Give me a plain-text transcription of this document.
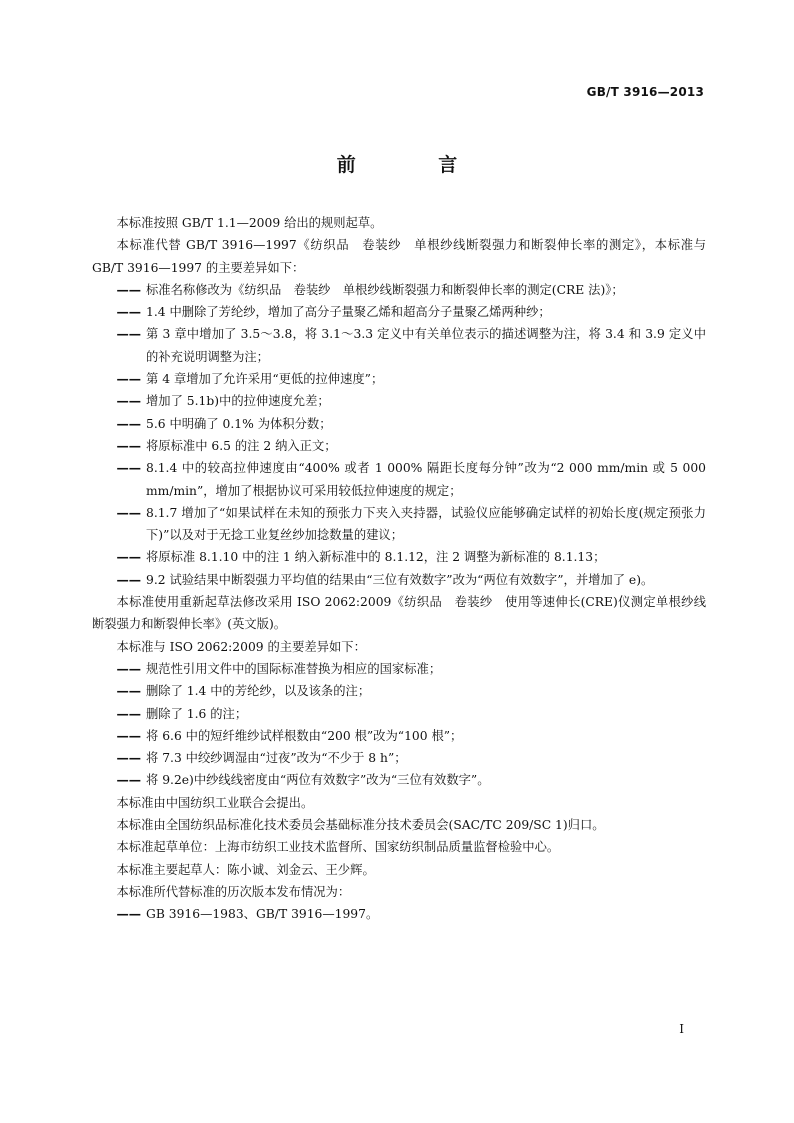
GB/T 3916—2013
前 言

本标准按照 GB/T 1.1—2009 给出的规则起草。

本标准代替 GB/T 3916—1997《纺织品　卷装纱　单根纱线断裂强力和断裂伸长率的测定》，本标准与 GB/T 3916—1997 的主要差异如下：

—— 标准名称修改为《纺织品　卷装纱　单根纱线断裂强力和断裂伸长率的测定(CRE 法)》；

—— 1.4 中删除了芳纶纱，增加了高分子量聚乙烯和超高分子量聚乙烯两种纱；

—— 第 3 章中增加了 3.5～3.8，将 3.1～3.3 定义中有关单位表示的描述调整为注，将 3.4 和 3.9 定义中的补充说明调整为注；

—— 第 4 章增加了允许采用“更低的拉伸速度”；

—— 增加了 5.1b)中的拉伸速度允差；

—— 5.6 中明确了 0.1% 为体积分数；

—— 将原标准中 6.5 的注 2 纳入正文；

—— 8.1.4 中的较高拉伸速度由“400% 或者 1 000% 隔距长度每分钟”改为“2 000 mm/min 或 5 000 mm/min”，增加了根据协议可采用较低拉伸速度的规定；

—— 8.1.7 增加了“如果试样在未知的预张力下夹入夹持器，试验仪应能够确定试样的初始长度(规定预张力下)”以及对于无捻工业复丝纱加捻数量的建议；

—— 将原标准 8.1.10 中的注 1 纳入新标准中的 8.1.12，注 2 调整为新标准的 8.1.13；

—— 9.2 试验结果中断裂强力平均值的结果由“三位有效数字”改为“两位有效数字”，并增加了 e)。

本标准使用重新起草法修改采用 ISO 2062:2009《纺织品　卷装纱　使用等速伸长(CRE)仪测定单根纱线断裂强力和断裂伸长率》(英文版)。

本标准与 ISO 2062:2009 的主要差异如下：

—— 规范性引用文件中的国际标准替换为相应的国家标准；

—— 删除了 1.4 中的芳纶纱，以及该条的注；

—— 删除了 1.6 的注；

—— 将 6.6 中的短纤维纱试样根数由“200 根”改为“100 根”；

—— 将 7.3 中绞纱调湿由“过夜”改为“不少于 8 h”；

—— 将 9.2e)中纱线线密度由“两位有效数字”改为“三位有效数字”。

本标准由中国纺织工业联合会提出。

本标准由全国纺织品标准化技术委员会基础标准分技术委员会(SAC/TC 209/SC 1)归口。

本标准起草单位：上海市纺织工业技术监督所、国家纺织制品质量监督检验中心。

本标准主要起草人：陈小诚、刘金云、王少辉。

本标准所代替标准的历次版本发布情况为：

—— GB 3916—1983、GB/T 3916—1997。

I
